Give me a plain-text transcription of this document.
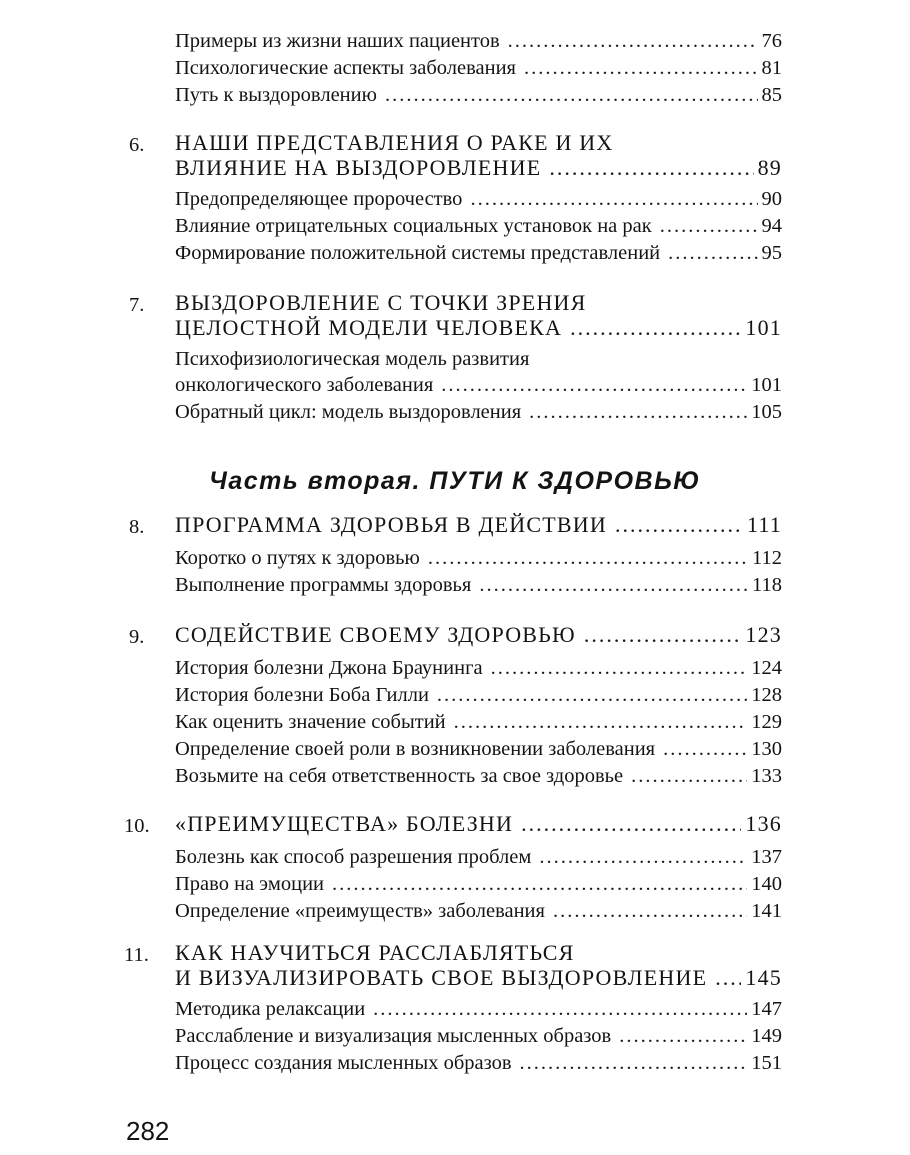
Примеры из жизни наших пациентов .....	76
Психологические аспекты заболевания .....	81
Путь к выздоровлению .....	85
6. НАШИ ПРЕДСТАВЛЕНИЯ О РАКЕ И ИХ
ВЛИЯНИЕ НА ВЫЗДОРОВЛЕНИЕ .....	89
Предопределяющее пророчество .....	90
Влияние отрицательных социальных установок на рак .....	94
Формирование положительной системы представлений .....	95
7. ВЫЗДОРОВЛЕНИЕ С ТОЧКИ ЗРЕНИЯ
ЦЕЛОСТНОЙ МОДЕЛИ ЧЕЛОВЕКА .....	101
Психофизиологическая модель развития
онкологического заболевания .....	101
Обратный цикл: модель выздоровления .....	105
Часть вторая. ПУТИ К ЗДОРОВЬЮ
8. ПРОГРАММА ЗДОРОВЬЯ В ДЕЙСТВИИ .....	111
Коротко о путях к здоровью .....	112
Выполнение программы здоровья .....	118
9. СОДЕЙСТВИЕ СВОЕМУ ЗДОРОВЬЮ .....	123
История болезни Джона Браунинга .....	124
История болезни Боба Гилли .....	128
Как оценить значение событий .....	129
Определение своей роли в возникновении заболевания .....	130
Возьмите на себя ответственность за свое здоровье .....	133
10. «ПРЕИМУЩЕСТВА» БОЛЕЗНИ .....	136
Болезнь как способ разрешения проблем .....	137
Право на эмоции .....	140
Определение «преимуществ» заболевания .....	141
11. КАК НАУЧИТЬСЯ РАССЛАБЛЯТЬСЯ
И ВИЗУАЛИЗИРОВАТЬ СВОЕ ВЫЗДОРОВЛЕНИЕ ..... 145
Методика релаксации .....	147
Расслабление и визуализация мысленных образов .....	149
Процесс создания мысленных образов .....	151
282
